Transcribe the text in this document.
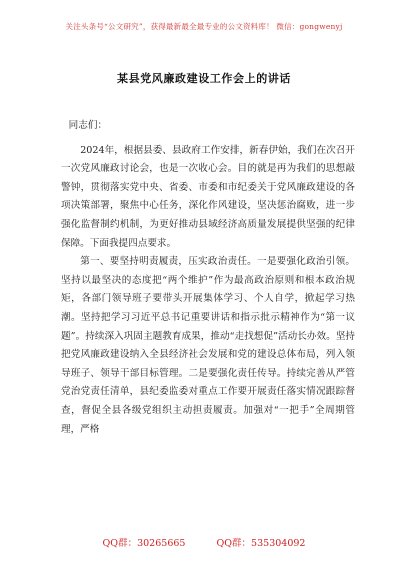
关注头条号“公文研究”，获得最新最全最专业的公文资料库！ 微信：gongwenyj
某县党风廉政建设工作会上的讲话

同志们：

2024年，根据县委、县政府工作安排，新春伊始，我们在次召开一次党风廉政讨论会，也是一次收心会。目的就是再为我们的思想敲警钟，贯彻落实党中央、省委、市委和市纪委关于党风廉政建设的各项决策部署，聚焦中心任务，深化作风建设，坚决惩治腐败，进一步强化监督制约机制，为更好推动县域经济高质量发展提供坚强的纪律保障。下面我提四点要求。

第一、要坚持明责履责，压实政治责任。一是要强化政治引领。坚持以最坚决的态度把“两个维护”作为最高政治原则和根本政治规矩，各部门领导班子要带头开展集体学习、个人自学，掀起学习热潮。坚持把学习习近平总书记重要讲话和指示批示精神作为“第一议题”。持续深入巩固主题教育成果，推动“走找想促”活动长办效。坚持把党风廉政建设纳入全县经济社会发展和党的建设总体布局，列入领导班子、领导干部目标管理。二是要强化责任传导。持续完善从严管党治党责任清单，县纪委监委对重点工作要开展责任落实情况跟踪督查，督促全县各级党组织主动担责履责。加强对“一把手”全周期管理，严格

QQ群：30265665	QQ群：535304092
